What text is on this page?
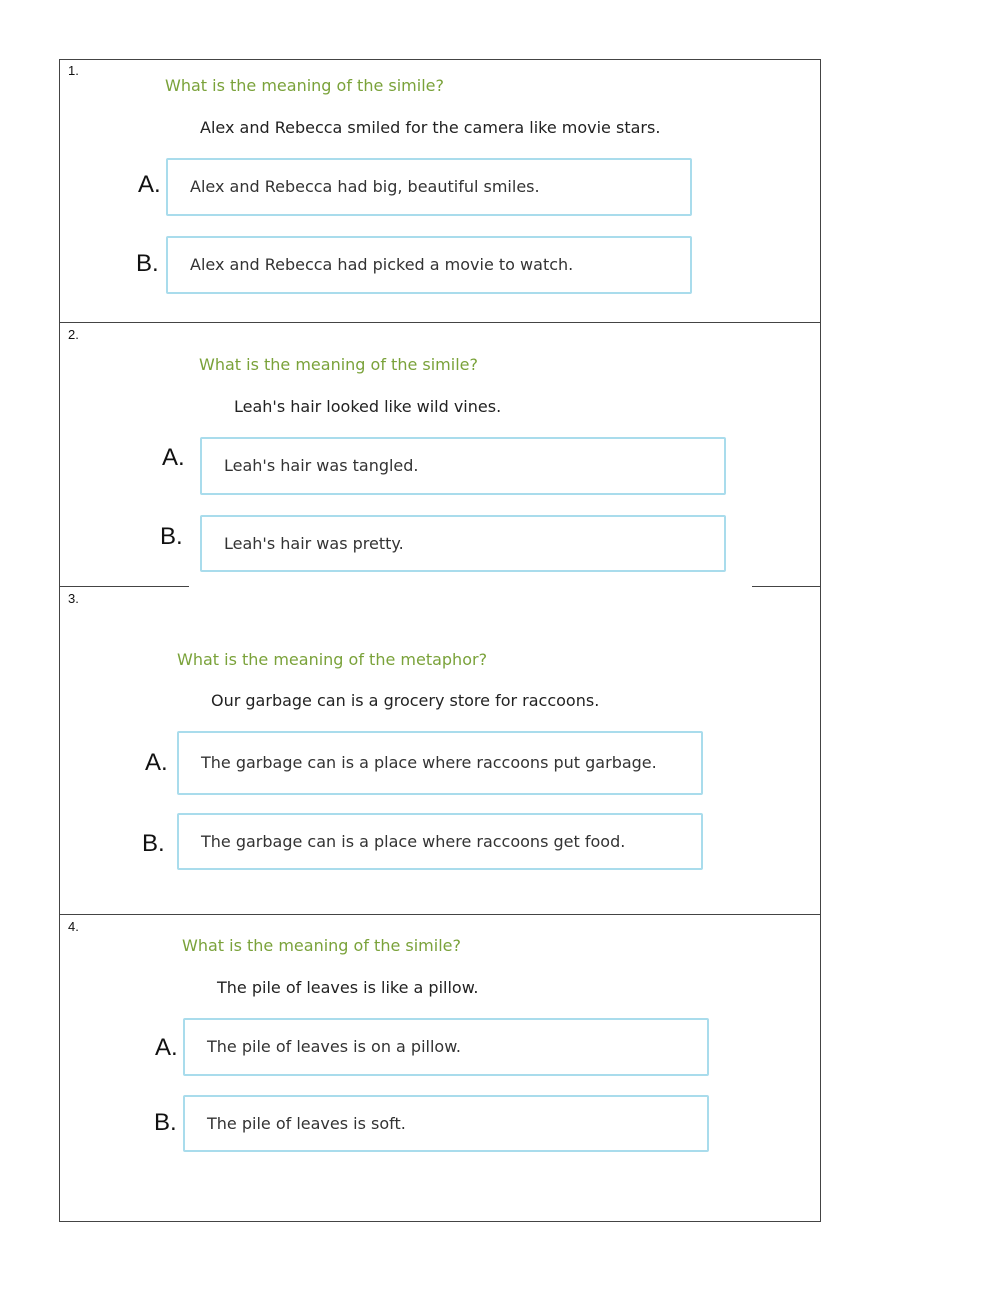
1.
What is the meaning of the simile?
Alex and Rebecca smiled for the camera like movie stars.
A.	Alex and Rebecca had big, beautiful smiles.
B.	Alex and Rebecca had picked a movie to watch.
2.
What is the meaning of the simile?
Leah's hair looked like wild vines.
A.	Leah's hair was tangled.
B.	Leah's hair was pretty.
3.
What is the meaning of the metaphor?
Our garbage can is a grocery store for raccoons.
A.	The garbage can is a place where raccoons put garbage.
B.	The garbage can is a place where raccoons get food.
4.
What is the meaning of the simile?
The pile of leaves is like a pillow.
A.	The pile of leaves is on a pillow.
B.	The pile of leaves is soft.
